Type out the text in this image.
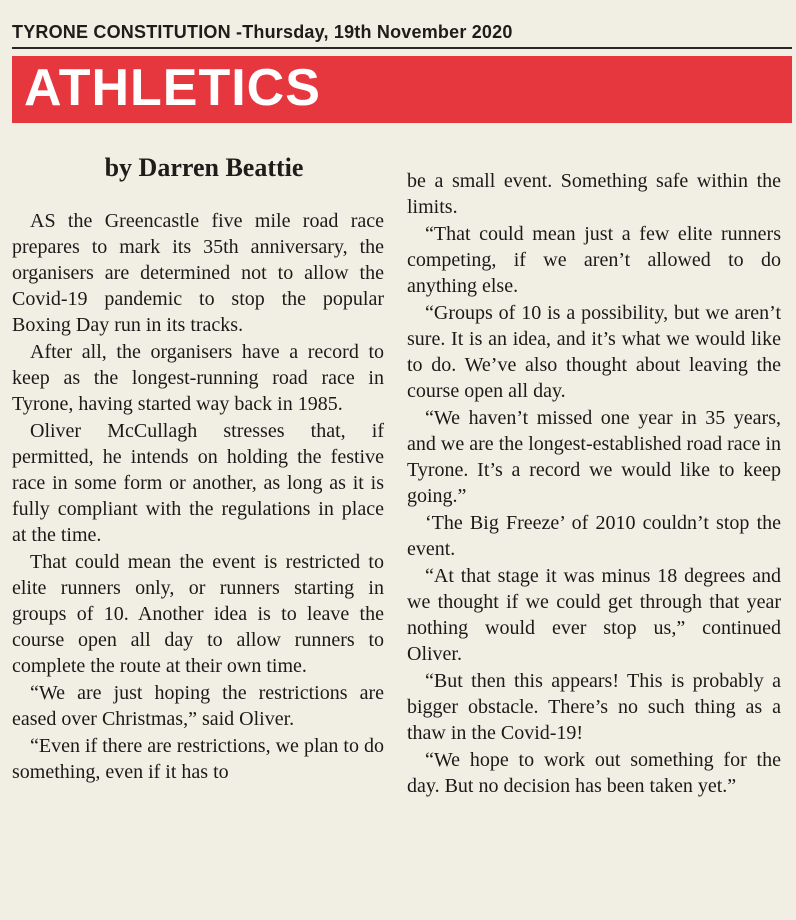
TYRONE CONSTITUTION -Thursday, 19th November 2020
ATHLETICS
by Darren Beattie

AS the Greencastle five mile road race prepares to mark its 35th anniversary, the organisers are determined not to allow the Covid-19 pandemic to stop the popular Boxing Day run in its tracks.

After all, the organisers have a record to keep as the longest-running road race in Tyrone, having started way back in 1985.

Oliver McCullagh stresses that, if permitted, he intends on holding the festive race in some form or another, as long as it is fully compliant with the regulations in place at the time.

That could mean the event is restricted to elite runners only, or runners starting in groups of 10. Another idea is to leave the course open all day to allow runners to complete the route at their own time.

“We are just hoping the restrictions are eased over Christmas,” said Oliver.

“Even if there are restrictions, we plan to do something, even if it has to

be a small event. Something safe within the limits.

“That could mean just a few elite runners competing, if we aren’t allowed to do anything else.

“Groups of 10 is a possibility, but we aren’t sure. It is an idea, and it’s what we would like to do. We’ve also thought about leaving the course open all day.

“We haven’t missed one year in 35 years, and we are the longest-established road race in Tyrone. It’s a record we would like to keep going.”

‘The Big Freeze’ of 2010 couldn’t stop the event.

“At that stage it was minus 18 degrees and we thought if we could get through that year nothing would ever stop us,” continued Oliver.

“But then this appears! This is probably a bigger obstacle. There’s no such thing as a thaw in the Covid-19!

“We hope to work out something for the day. But no decision has been taken yet.”
